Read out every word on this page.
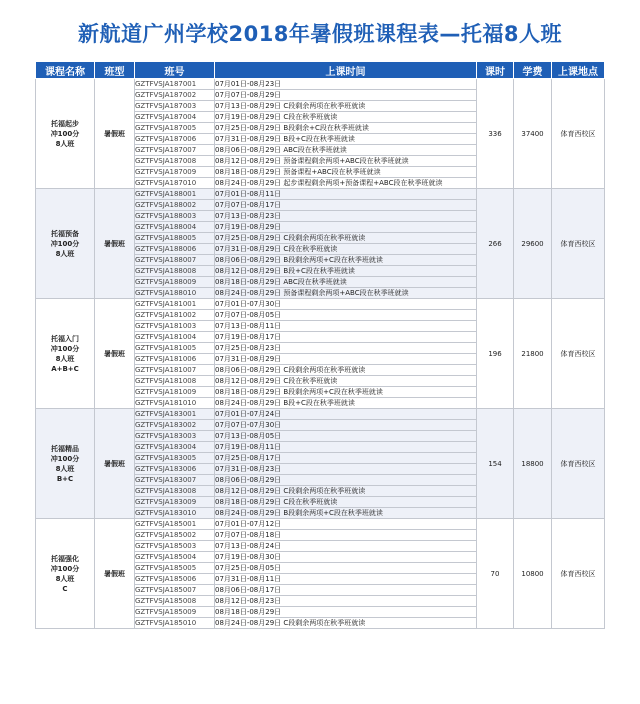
新航道广州学校2018年暑假班课程表—托福8人班
课程名称	班型	班号	上课时间	课时	学费	上课地点
托福起步
冲100分
8人班	暑假班	GZTFVSJA187001	07月01日-08月23日	336	37400	体育西校区
		GZTFVSJA187002	07月07日-08月29日			
		GZTFVSJA187003	07月13日-08月29日 C段剩余两项在秋季班就读			
		GZTFVSJA187004	07月19日-08月29日 C段在秋季班就读			
		GZTFVSJA187005	07月25日-08月29日 B段剩余+C段在秋季班就读			
		GZTFVSJA187006	07月31日-08月29日 B段+C段在秋季班就读			
		GZTFVSJA187007	08月06日-08月29日 ABC段在秋季班就读			
		GZTFVSJA187008	08月12日-08月29日 预备课程剩余两项+ABC段在秋季班就读			
		GZTFVSJA187009	08月18日-08月29日 预备课程+ABC段在秋季班就读			
		GZTFVSJA187010	08月24日-08月29日 起步课程剩余两项+预备课程+ABC段在秋季班就读			
托福预备
冲100分
8人班	暑假班	GZTFVSJA188001	07月01日-08月11日	266	29600	体育西校区
		GZTFVSJA188002	07月07日-08月17日			
		GZTFVSJA188003	07月13日-08月23日			
		GZTFVSJA188004	07月19日-08月29日			
		GZTFVSJA188005	07月25日-08月29日 C段剩余两项在秋季班就读			
		GZTFVSJA188006	07月31日-08月29日 C段在秋季班就读			
		GZTFVSJA188007	08月06日-08月29日 B段剩余两项+C段在秋季班就读			
		GZTFVSJA188008	08月12日-08月29日 B段+C段在秋季班就读			
		GZTFVSJA188009	08月18日-08月29日 ABC段在秋季班就读			
		GZTFVSJA188010	08月24日-08月29日 预备课程剩余两项+ABC段在秋季班就读			
托福入门
冲100分
8人班
A+B+C	暑假班	GZTFVSJA181001	07月01日-07月30日	196	21800	体育西校区
		GZTFVSJA181002	07月07日-08月05日			
		GZTFVSJA181003	07月13日-08月11日			
		GZTFVSJA181004	07月19日-08月17日			
		GZTFVSJA181005	07月25日-08月23日			
		GZTFVSJA181006	07月31日-08月29日			
		GZTFVSJA181007	08月06日-08月29日 C段剩余两项在秋季班就读			
		GZTFVSJA181008	08月12日-08月29日 C段在秋季班就读			
		GZTFVSJA181009	08月18日-08月29日 B段剩余两项+C段在秋季班就读			
		GZTFVSJA181010	08月24日-08月29日 B段+C段在秋季班就读			
托福精品
冲100分
8人班
B+C	暑假班	GZTFVSJA183001	07月01日-07月24日	154	18800	体育西校区
		GZTFVSJA183002	07月07日-07月30日			
		GZTFVSJA183003	07月13日-08月05日			
		GZTFVSJA183004	07月19日-08月11日			
		GZTFVSJA183005	07月25日-08月17日			
		GZTFVSJA183006	07月31日-08月23日			
		GZTFVSJA183007	08月06日-08月29日			
		GZTFVSJA183008	08月12日-08月29日 C段剩余两项在秋季班就读			
		GZTFVSJA183009	08月18日-08月29日 C段在秋季班就读			
		GZTFVSJA183010	08月24日-08月29日 B段剩余两项+C段在秋季班就读			
托福强化
冲100分
8人班
C	暑假班	GZTFVSJA185001	07月01日-07月12日	70	10800	体育西校区
		GZTFVSJA185002	07月07日-08月18日			
		GZTFVSJA185003	07月13日-08月24日			
		GZTFVSJA185004	07月19日-08月30日			
		GZTFVSJA185005	07月25日-08月05日			
		GZTFVSJA185006	07月31日-08月11日			
		GZTFVSJA185007	08月06日-08月17日			
		GZTFVSJA185008	08月12日-08月23日			
		GZTFVSJA185009	08月18日-08月29日			
		GZTFVSJA185010	08月24日-08月29日 C段剩余两项在秋季班就读			
